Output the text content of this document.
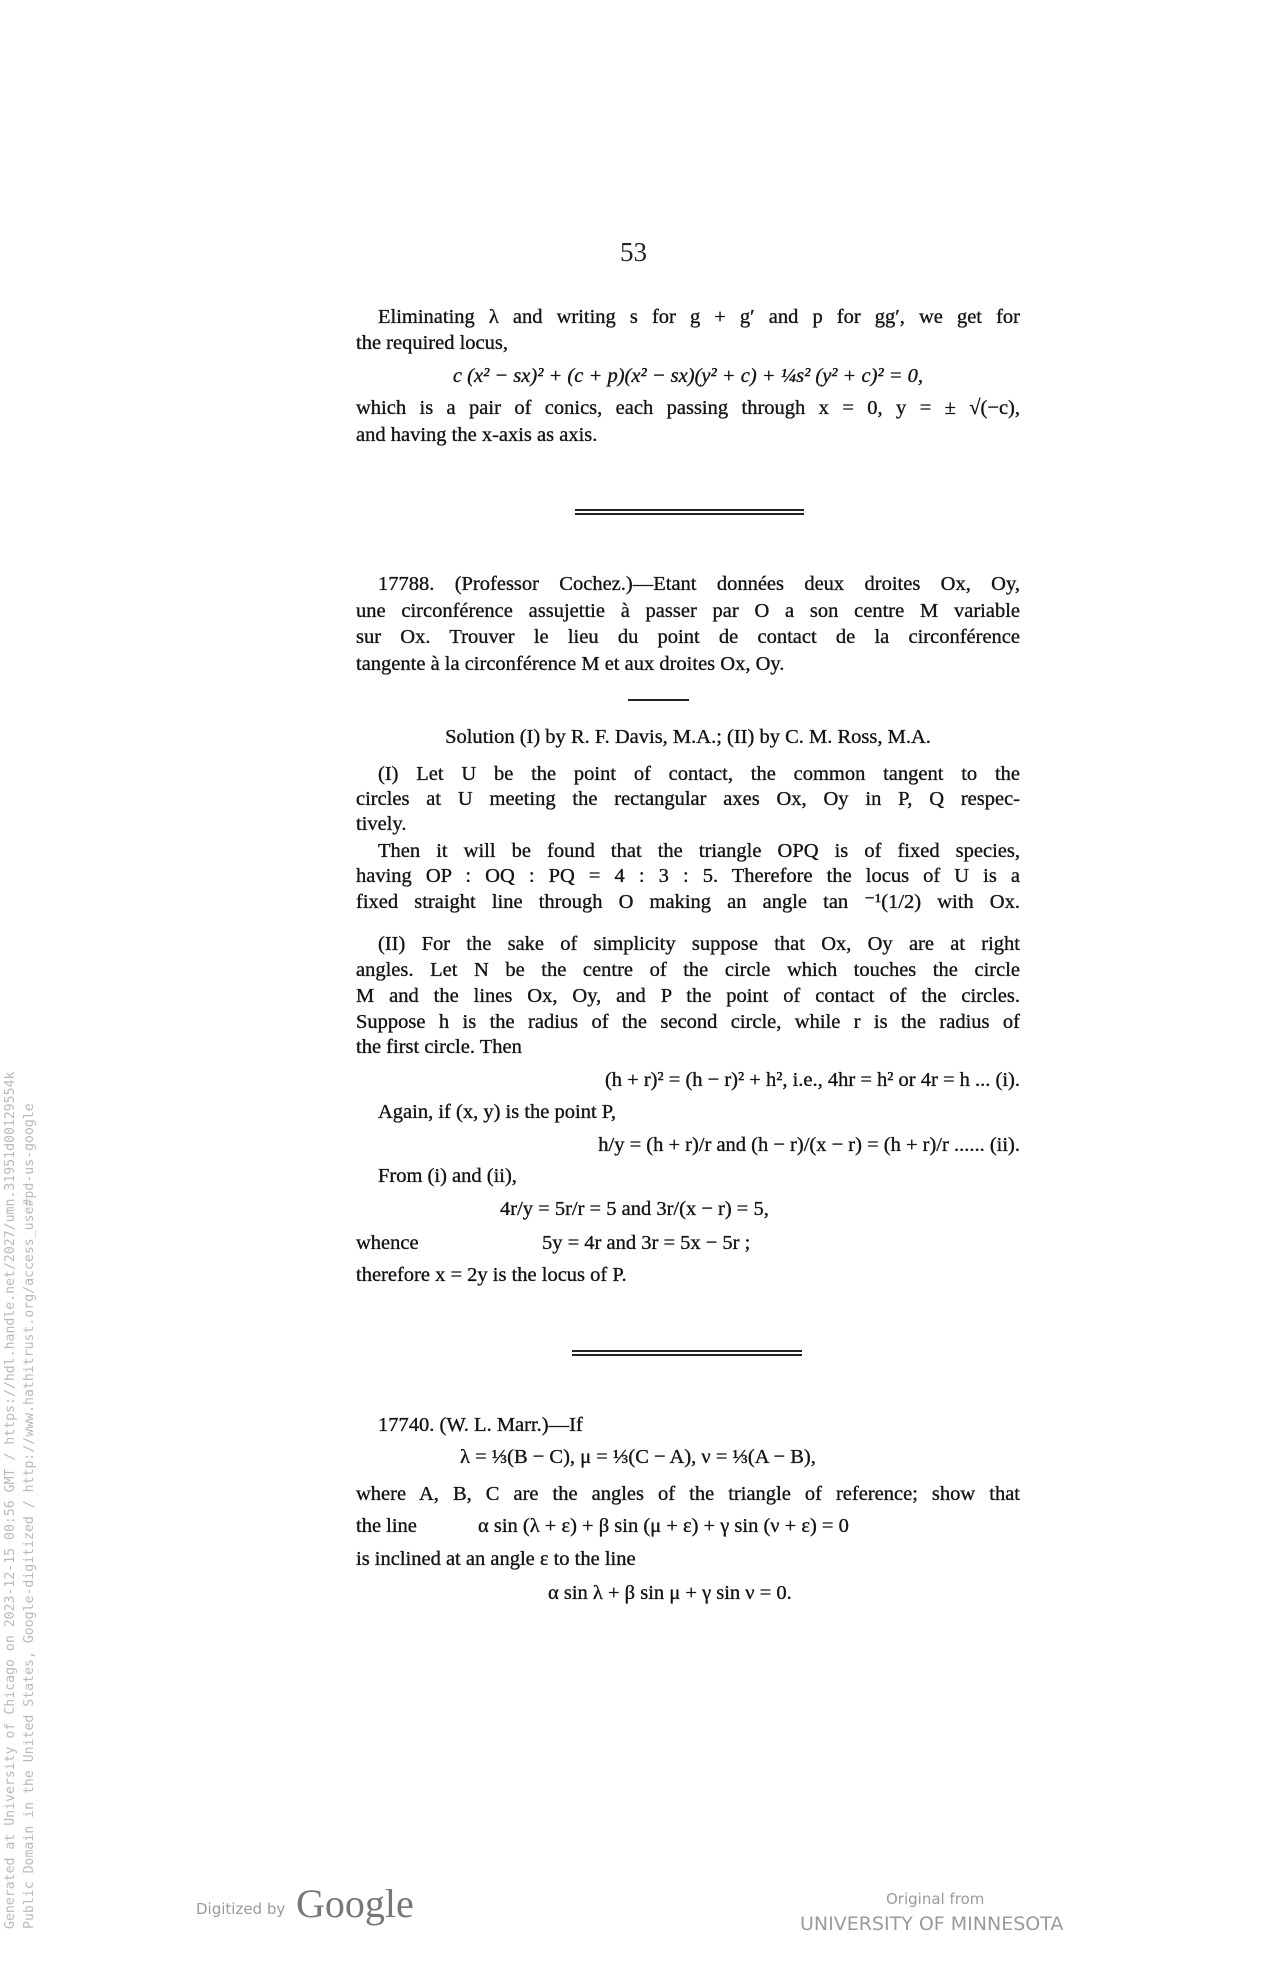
53
Eliminating λ and writing s for g + g′ and p for gg′, we get for
the required locus,
c (x² − sx)² + (c + p)(x² − sx)(y² + c) + ¼s² (y² + c)² = 0,
which is a pair of conics, each passing through x = 0, y = ± √(−c),
and having the x-axis as axis.
17788. (Professor Cochez.)—Etant données deux droites Ox, Oy,
une circonférence assujettie à passer par O a son centre M variable
sur Ox. Trouver le lieu du point de contact de la circonférence
tangente à la circonférence M et aux droites Ox, Oy.
Solution (I) by R. F. Davis, M.A.; (II) by C. M. Ross, M.A.
(I) Let U be the point of contact, the common tangent to the
circles at U meeting the rectangular axes Ox, Oy in P, Q respec-
tively.
Then it will be found that the triangle OPQ is of fixed species,
having OP : OQ : PQ = 4 : 3 : 5. Therefore the locus of U is a
fixed straight line through O making an angle tan ⁻¹(1/2) with Ox.
(II) For the sake of simplicity suppose that Ox, Oy are at right
angles. Let N be the centre of the circle which touches the circle
M and the lines Ox, Oy, and P the point of contact of the circles.
Suppose h is the radius of the second circle, while r is the radius of
the first circle. Then
(h + r)² = (h − r)² + h², i.e., 4hr = h² or 4r = h ... (i).
Again, if (x, y) is the point P,
h/y = (h + r)/r and (h − r)/(x − r) = (h + r)/r ...... (ii).
From (i) and (ii),
4r/y = 5r/r = 5 and 3r/(x − r) = 5,
whence	5y = 4r and 3r = 5x − 5r ;
therefore x = 2y is the locus of P.
17740. (W. L. Marr.)—If
λ = ⅓(B − C), μ = ⅓(C − A), ν = ⅓(A − B),
where A, B, C are the angles of the triangle of reference; show that
the line	α sin (λ + ε) + β sin (μ + ε) + γ sin (ν + ε) = 0
is inclined at an angle ε to the line
α sin λ + β sin μ + γ sin ν = 0.
Generated at University of Chicago on 2023-12-15 00:56 GMT / https://hdl.handle.net/2027/umn.31951d00129554k Public Domain in the United States, Google-digitized / http://www.hathitrust.org/access_use#pd-us-google	Digitized by Google	Original from
UNIVERSITY OF MINNESOTA
